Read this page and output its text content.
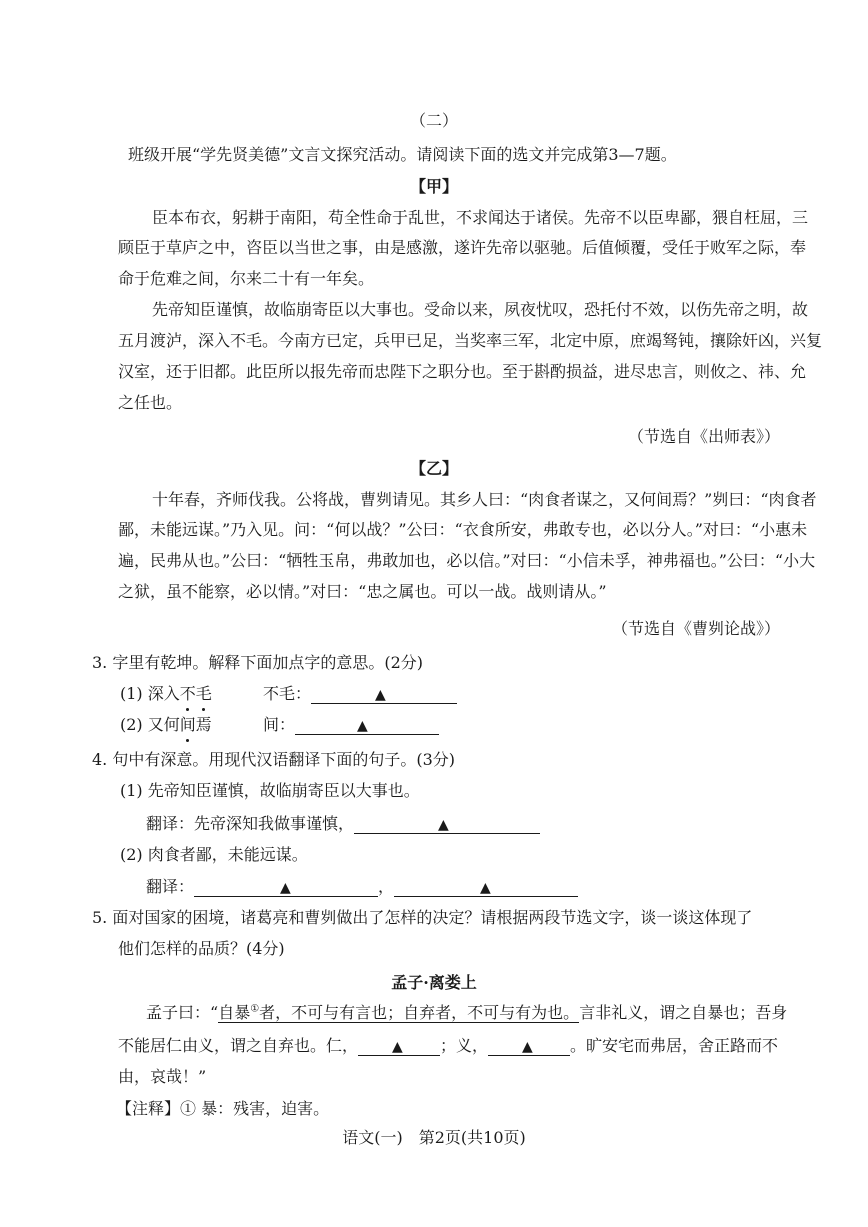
（二）
班级开展“学先贤美德”文言文探究活动。请阅读下面的选文并完成第3—7题。
【甲】
臣本布衣，躬耕于南阳，苟全性命于乱世，不求闻达于诸侯。先帝不以臣卑鄙，猥自枉屈，三
顾臣于草庐之中，咨臣以当世之事，由是感激，遂许先帝以驱驰。后值倾覆，受任于败军之际，奉
命于危难之间，尔来二十有一年矣。
先帝知臣谨慎，故临崩寄臣以大事也。受命以来，夙夜忧叹，恐托付不效，以伤先帝之明，故
五月渡泸，深入不毛。今南方已定，兵甲已足，当奖率三军，北定中原，庶竭驽钝，攘除奸凶，兴复
汉室，还于旧都。此臣所以报先帝而忠陛下之职分也。至于斟酌损益，进尽忠言，则攸之、祎、允
之任也。
（节选自《出师表》）
【乙】
十年春，齐师伐我。公将战，曹刿请见。其乡人曰：“肉食者谋之，又何间焉？”刿曰：“肉食者
鄙，未能远谋。”乃入见。问：“何以战？”公曰：“衣食所安，弗敢专也，必以分人。”对曰：“小惠未
遍，民弗从也。”公曰：“牺牲玉帛，弗敢加也，必以信。”对曰：“小信未孚，神弗福也。”公曰：“小大
之狱，虽不能察，必以情。”对曰：“忠之属也。可以一战。战则请从。”
（节选自《曹刿论战》）
3. 字里有乾坤。解释下面加点字的意思。(2分)
(1) 深入不毛	不毛：	▲
(2) 又何间焉	间：	▲
4. 句中有深意。用现代汉语翻译下面的句子。(3分)
(1) 先帝知臣谨慎，故临崩寄臣以大事也。
翻译：先帝深知我做事谨慎，	▲
(2) 肉食者鄙，未能远谋。
翻译：	▲	，	▲
5. 面对国家的困境，诸葛亮和曹刿做出了怎样的决定？请根据两段节选文字，谈一谈这体现了
他们怎样的品质？(4分)
孟子·离娄上
孟子曰：“自暴①者，不可与有言也；自弃者，不可与有为也。言非礼义，谓之自暴也；吾身
不能居仁由义，谓之自弃也。仁， ▲ ；义， ▲ 。旷安宅而弗居，舍正路而不
由，哀哉！”
【注释】① 暴：残害，迫害。
语文(一)　第2页(共10页)
